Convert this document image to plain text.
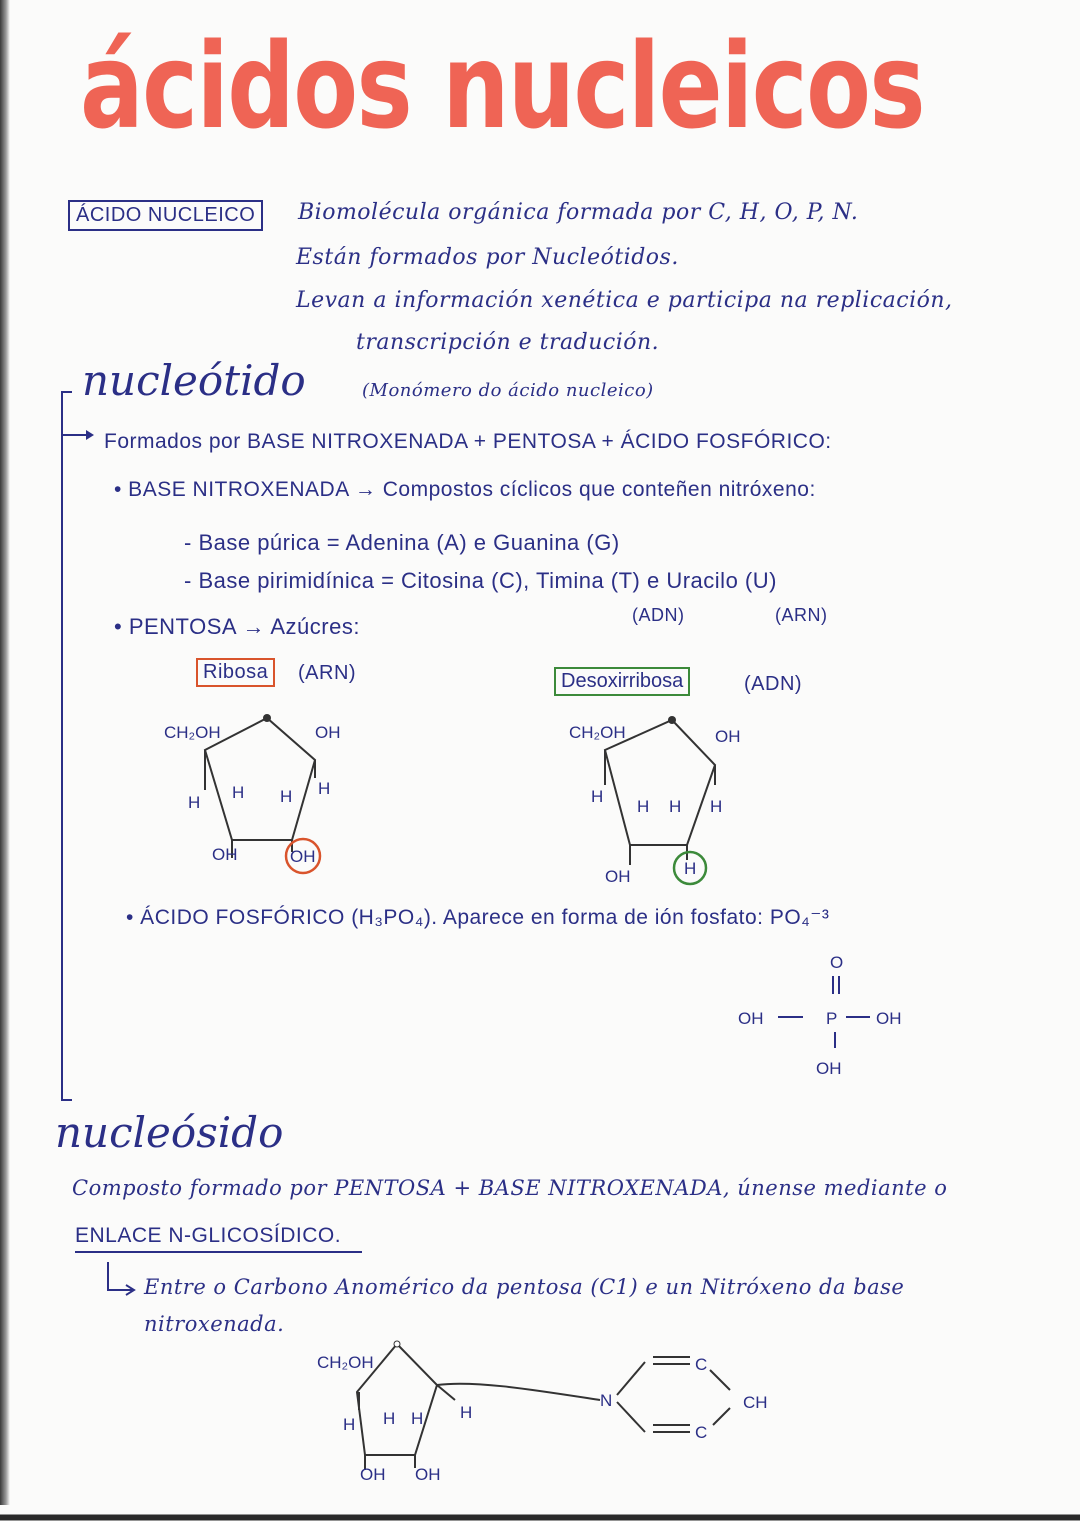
ácidos nucleicos
ÁCIDO NUCLEICO	Biomolécula orgánica formada por C, H, O, P, N.
Están formados por Nucleótidos.
Levan a información xenética e participa na replicación,
transcripción e tradución.
nucleótido	(Monómero do ácido nucleico)
Formados por BASE NITROXENADA + PENTOSA + ÁCIDO FOSFÓRICO:
• BASE NITROXENADA → Compostos cíclicos que conteñen nitróxeno:
- Base púrica = Adenina (A) e Guanina (G)
- Base pirimidínica = Citosina (C), Timina (T) e Uracilo (U)
(ADN)	(ARN)
• PENTOSA → Azúcres:
Ribosa	(ARN)	Desoxirribosa	(ADN)
CH₂OH	OH
H
H H H
OH	OH
CH₂OH	OH
H
H H H
OH	H
• ÁCIDO FOSFÓRICO (H₃PO₄). Aparece en forma de ión fosfato: PO₄⁻³
O
OH	P OH
OH
nucleósido
Composto formado por PENTOSA + BASE NITROXENADA, únense mediante o
ENLACE N-GLICOSÍDICO.
Entre o Carbono Anomérico da pentosa (C1) e un Nitróxeno da base
nitroxenada.
CH₂OH
H H H H
OH OH
N
C
CH
C
